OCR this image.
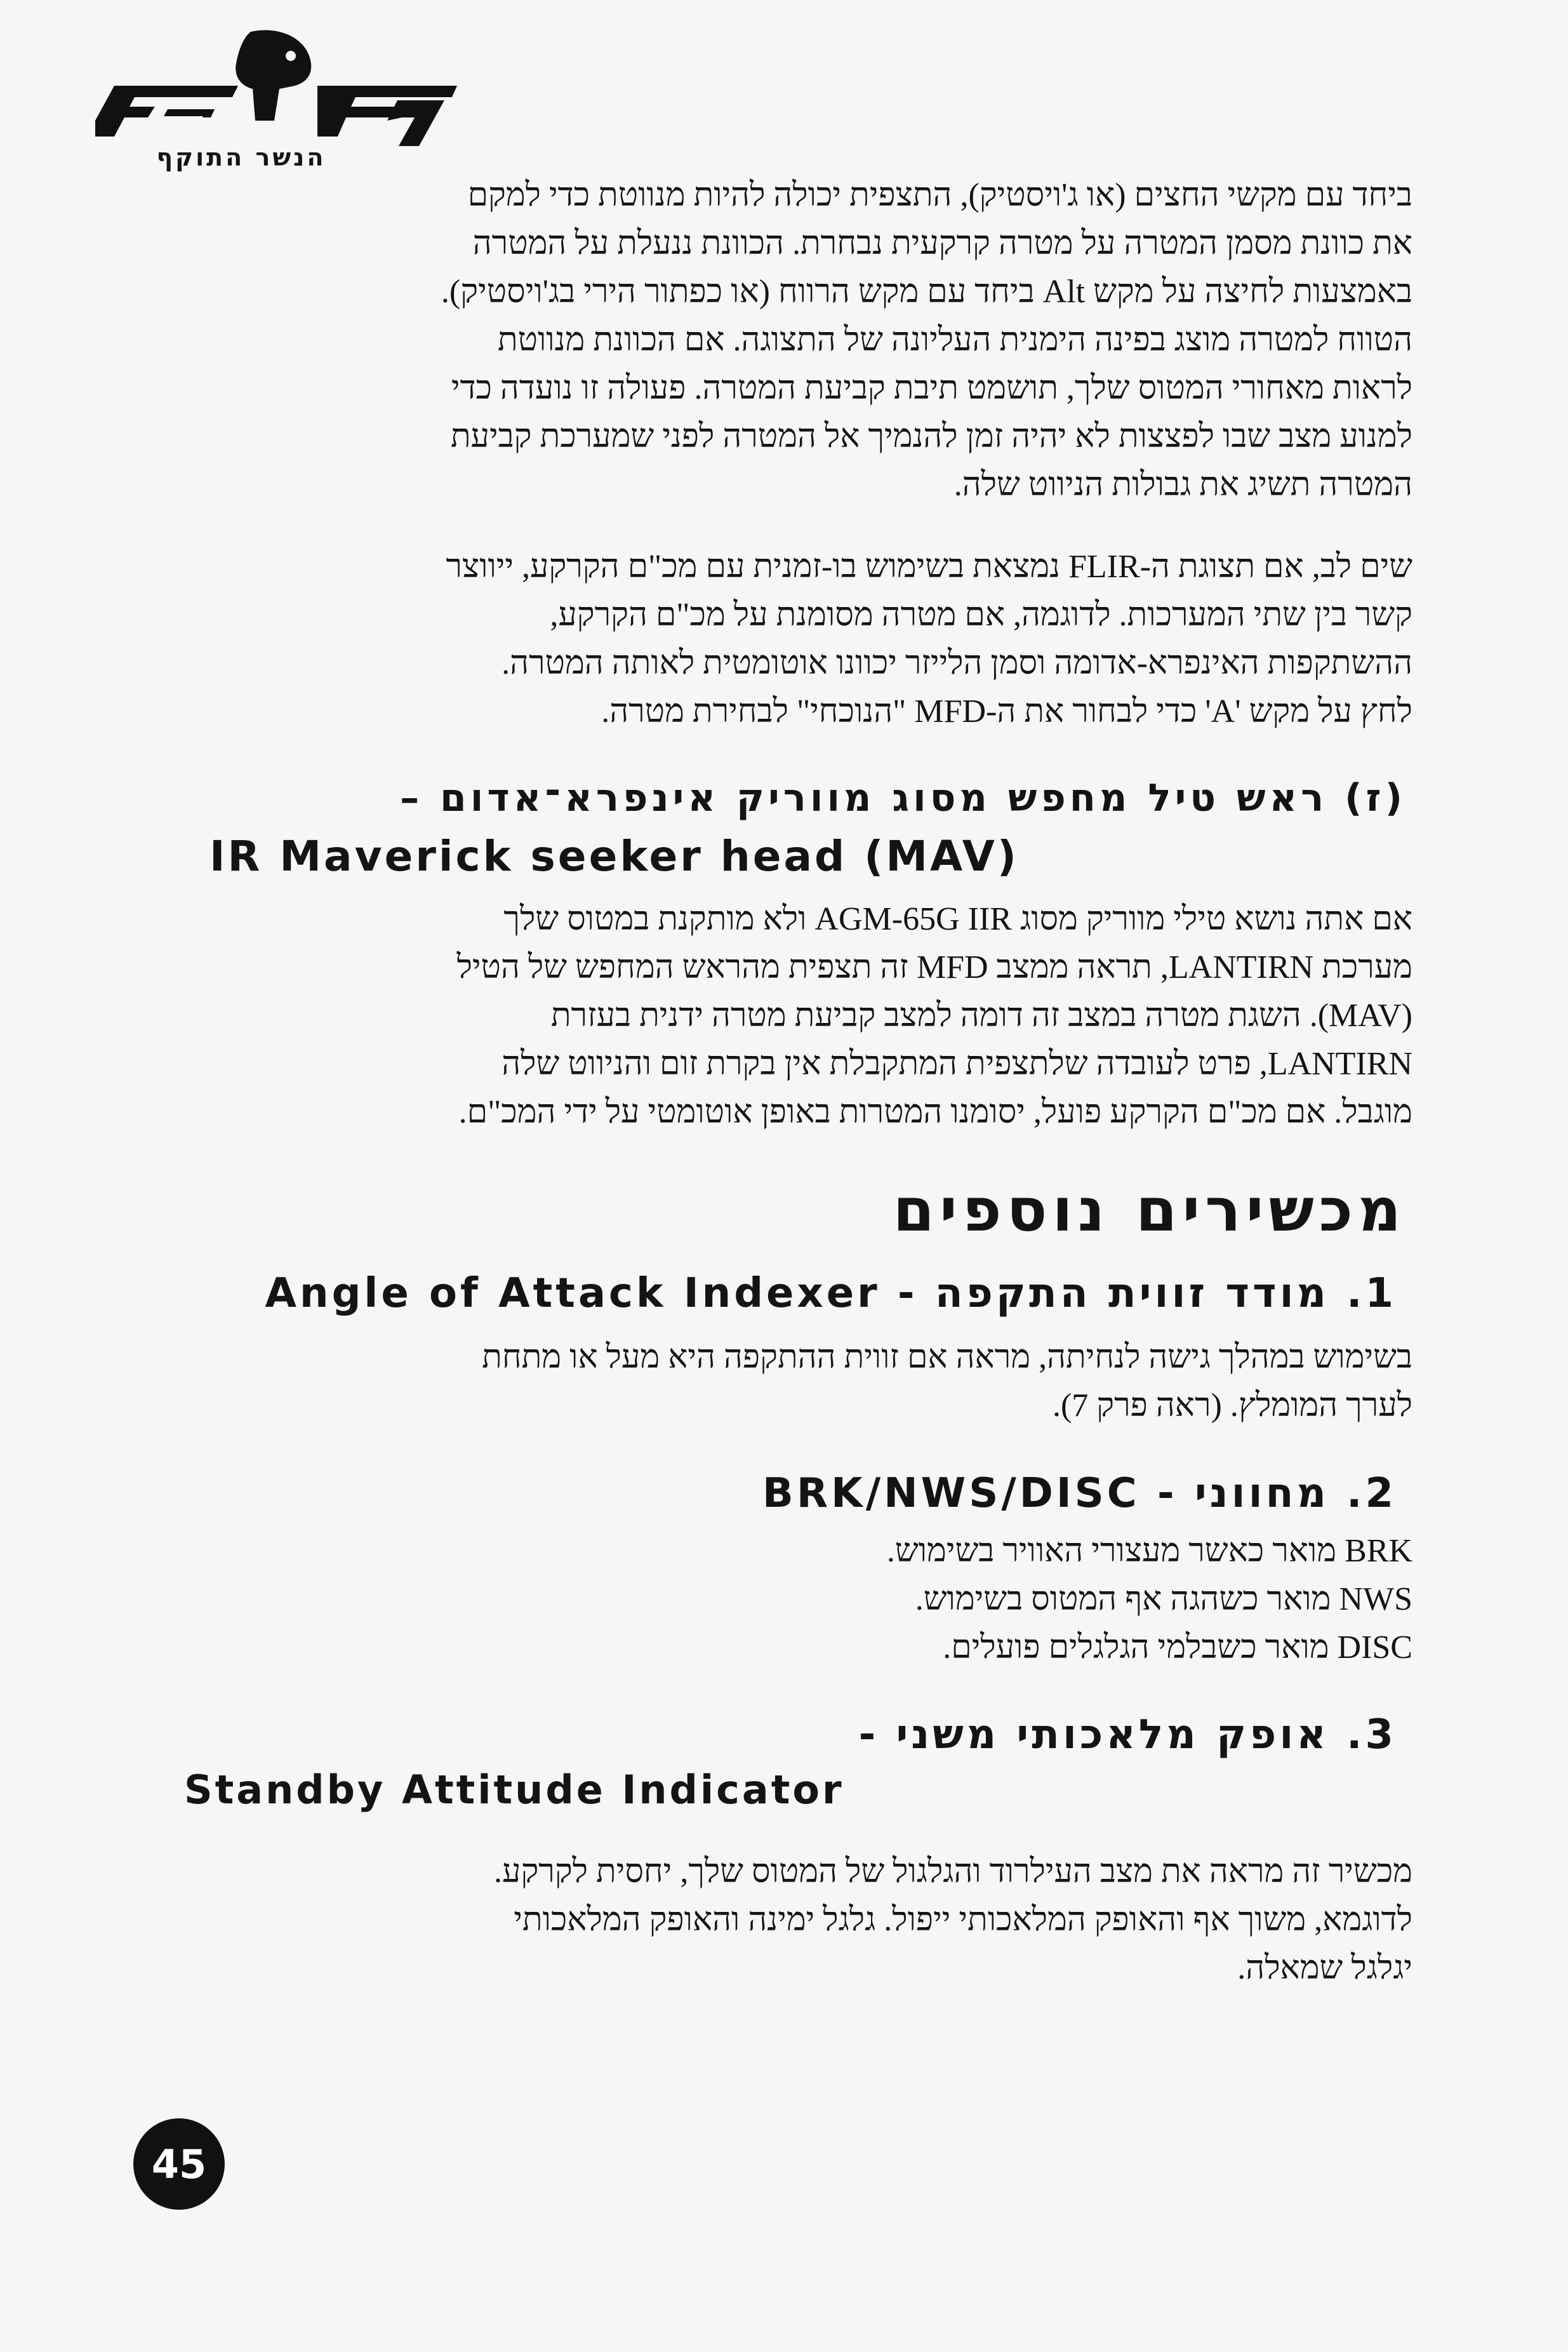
הנשר התוקף
ביחד עם מקשי החצים (או ג'ויסטיק), התצפית יכולה להיות מנווטת כדי למקם
את כוונת מסמן המטרה על מטרה קרקעית נבחרת. הכוונת ננעלת על המטרה
באמצעות לחיצה על מקש Alt ביחד עם מקש הרווח (או כפתור הירי בג'ויסטיק).
הטווח למטרה מוצג בפינה הימנית העליונה של התצוגה. אם הכוונת מנווטת
לראות מאחורי המטוס שלך, תושמט תיבת קביעת המטרה. פעולה זו נועדה כדי
למנוע מצב שבו לפצצות לא יהיה זמן להנמיך אל המטרה לפני שמערכת קביעת
המטרה תשיג את גבולות הניווט שלה.
שים לב, אם תצוגת ה-FLIR נמצאת בשימוש בו-זמנית עם מכ"ם הקרקע, ייווצר
קשר בין שתי המערכות. לדוגמה, אם מטרה מסומנת על מכ"ם הקרקע,
ההשתקפות האינפרא-אדומה וסמן הלייזר יכוונו אוטומטית לאותה המטרה.
לחץ על מקש 'A' כדי לבחור את ה-MFD "הנוכחי" לבחירת מטרה.
(ז) ראש טיל מחפש מסוג מווריק אינפרא־אדום –
IR Maverick seeker head (MAV)
אם אתה נושא טילי מווריק מסוג AGM-65G IIR ולא מותקנת במטוס שלך
מערכת LANTIRN, תראה ממצב MFD זה תצפית מהראש המחפש של הטיל
(MAV). השגת מטרה במצב זה דומה למצב קביעת מטרה ידנית בעזרת
LANTIRN, פרט לעובדה שלתצפית המתקבלת אין בקרת זום והניווט שלה
מוגבל. אם מכ"ם הקרקע פועל, יסומנו המטרות באופן אוטומטי על ידי המכ"ם.
מכשירים נוספים
1. מודד זווית התקפה - Angle of Attack Indexer
בשימוש במהלך גישה לנחיתה, מראה אם זווית ההתקפה היא מעל או מתחת
לערך המומלץ. (ראה פרק 7).
2. מחווני - BRK/NWS/DISC
BRK מואר כאשר מעצורי האוויר בשימוש.
NWS מואר כשהגה אף המטוס בשימוש.
DISC מואר כשבלמי הגלגלים פועלים.
3. אופק מלאכותי משני -
Standby Attitude Indicator
מכשיר זה מראה את מצב העילרוד והגלגול של המטוס שלך, יחסית לקרקע.
לדוגמא, משוך אף והאופק המלאכותי ייפול. גלגל ימינה והאופק המלאכותי
יגלגל שמאלה.
45
